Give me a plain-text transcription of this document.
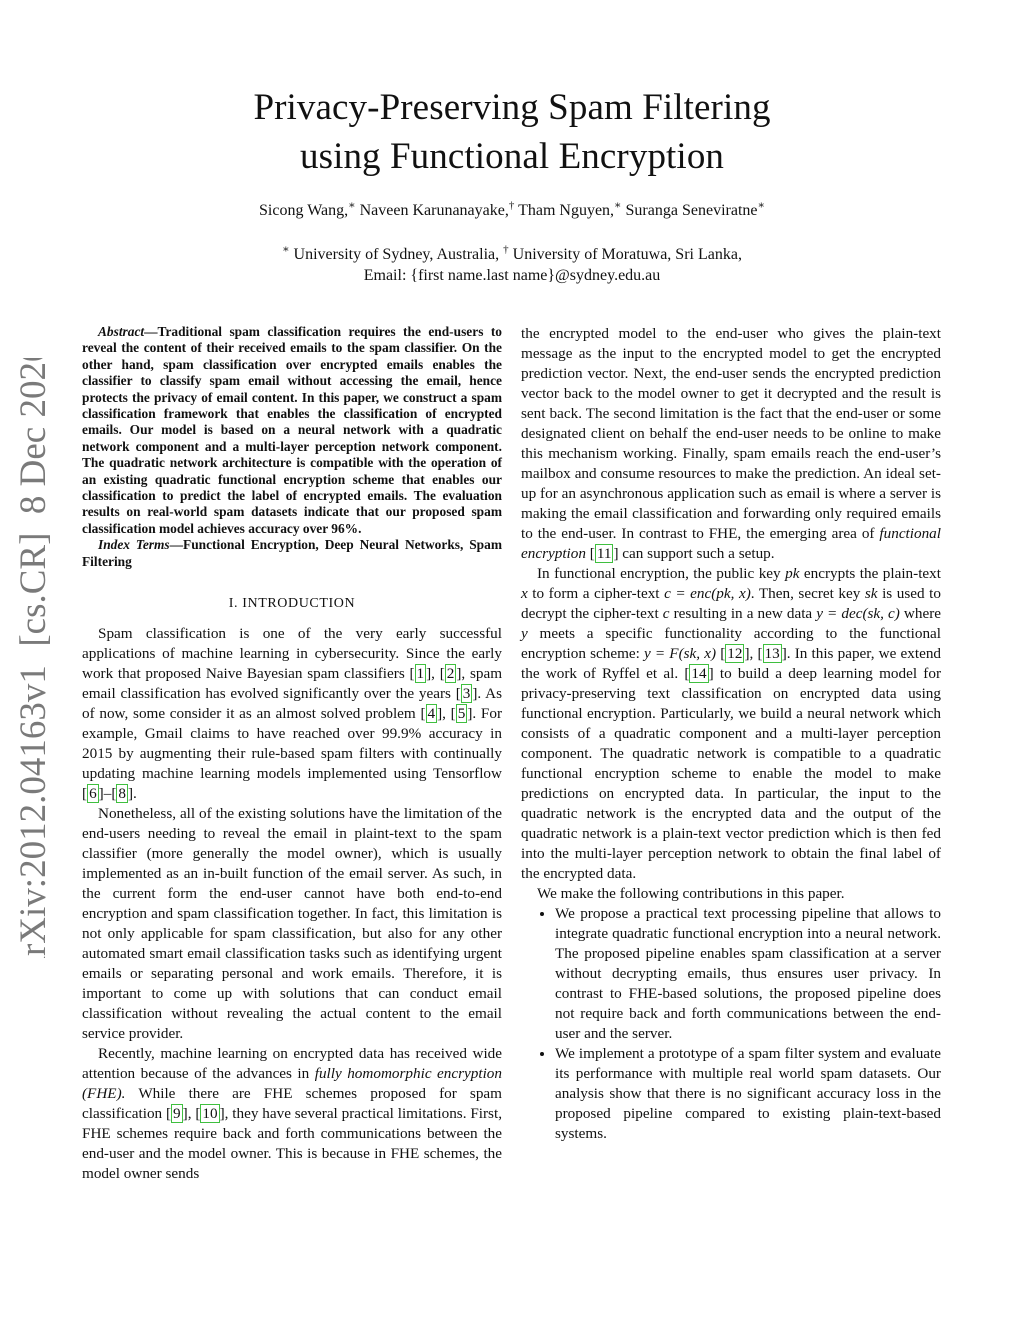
arXiv:2012.04163v1  [cs.CR]  8 Dec 2020
Privacy-Preserving Spam Filtering
using Functional Encryption
Sicong Wang,∗ Naveen Karunanayake,† Tham Nguyen,∗ Suranga Seneviratne∗
∗ University of Sydney, Australia, † University of Moratuwa, Sri Lanka,
Email: {first name.last name}@sydney.edu.au

Abstract—Traditional spam classification requires the end-users to reveal the content of their received emails to the spam classifier. On the other hand, spam classification over encrypted emails enables the classifier to classify spam email without accessing the email, hence protects the privacy of email content. In this paper, we construct a spam classification framework that enables the classification of encrypted emails. Our model is based on a neural network with a quadratic network component and a multi-layer perception network component. The quadratic network architecture is compatible with the operation of an existing quadratic functional encryption scheme that enables our classification to predict the label of encrypted emails. The evaluation results on real-world spam datasets indicate that our proposed spam classification model achieves accuracy over 96%.

Index Terms—Functional Encryption, Deep Neural Networks, Spam Filtering

I. INTRODUCTION

Spam classification is one of the very early successful applications of machine learning in cybersecurity. Since the early work that proposed Naive Bayesian spam classifiers [ 1 ], [ 2 ], spam email classification has evolved significantly over the years [ 3 ]. As of now, some consider it as an almost solved problem [ 4 ], [ 5 ]. For example, Gmail claims to have reached over 99.9% accuracy in 2015 by augmenting their rule-based spam filters with continually updating machine learning models implemented using Tensorflow [ 6 ]–[ 8 ].

Nonetheless, all of the existing solutions have the limitation of the end-users needing to reveal the email in plaint-text to the spam classifier (more generally the model owner), which is usually implemented as an in-built function of the email server. As such, in the current form the end-user cannot have both end-to-end encryption and spam classification together. In fact, this limitation is not only applicable for spam classification, but also for any other automated smart email classification tasks such as identifying urgent emails or separating personal and work emails. Therefore, it is important to come up with solutions that can conduct email classification without revealing the actual content to the email service provider.

Recently, machine learning on encrypted data has received wide attention because of the advances in fully homomorphic encryption (FHE). While there are FHE schemes proposed for spam classification [ 9 ], [ 10 ], they have several practical limitations. First, FHE schemes require back and forth communications between the end-user and the model owner. This is because in FHE schemes, the model owner sends

the encrypted model to the end-user who gives the plain-text message as the input to the encrypted model to get the encrypted prediction vector. Next, the end-user sends the encrypted prediction vector back to the model owner to get it decrypted and the result is sent back. The second limitation is the fact that the end-user or some designated client on behalf the end-user needs to be online to make this mechanism working. Finally, spam emails reach the end-user’s mailbox and consume resources to make the prediction. An ideal set-up for an asynchronous application such as email is where a server is making the email classification and forwarding only required emails to the end-user. In contrast to FHE, the emerging area of functional encryption [ 11 ] can support such a setup.

In functional encryption, the public key pk encrypts the plain-text x to form a cipher-text c = enc(pk, x). Then, secret key sk is used to decrypt the cipher-text c resulting in a new data y = dec(sk, c) where y meets a specific functionality according to the functional encryption scheme: y = F(sk, x) [ 12 ], [ 13 ]. In this paper, we extend the work of Ryffel et al. [ 14 ] to build a deep learning model for privacy-preserving text classification on encrypted data using functional encryption. Particularly, we build a neural network which consists of a quadratic component and a multi-layer perception component. The quadratic network is compatible to a quadratic functional encryption scheme to enable the model to make predictions on encrypted data. In particular, the input to the quadratic network is the encrypted data and the output of the quadratic network is a plain-text vector prediction which is then fed into the multi-layer perception network to obtain the final label of the encrypted data.

We make the following contributions in this paper.

• We propose a practical text processing pipeline that allows to integrate quadratic functional encryption into a neural network. The proposed pipeline enables spam classification at a server without decrypting emails, thus ensures user privacy. In contrast to FHE-based solutions, the proposed pipeline does not require back and forth communications between the end-user and the server.
• We implement a prototype of a spam filter system and evaluate its performance with multiple real world spam datasets. Our analysis show that there is no significant accuracy loss in the proposed pipeline compared to existing plain-text-based systems.
